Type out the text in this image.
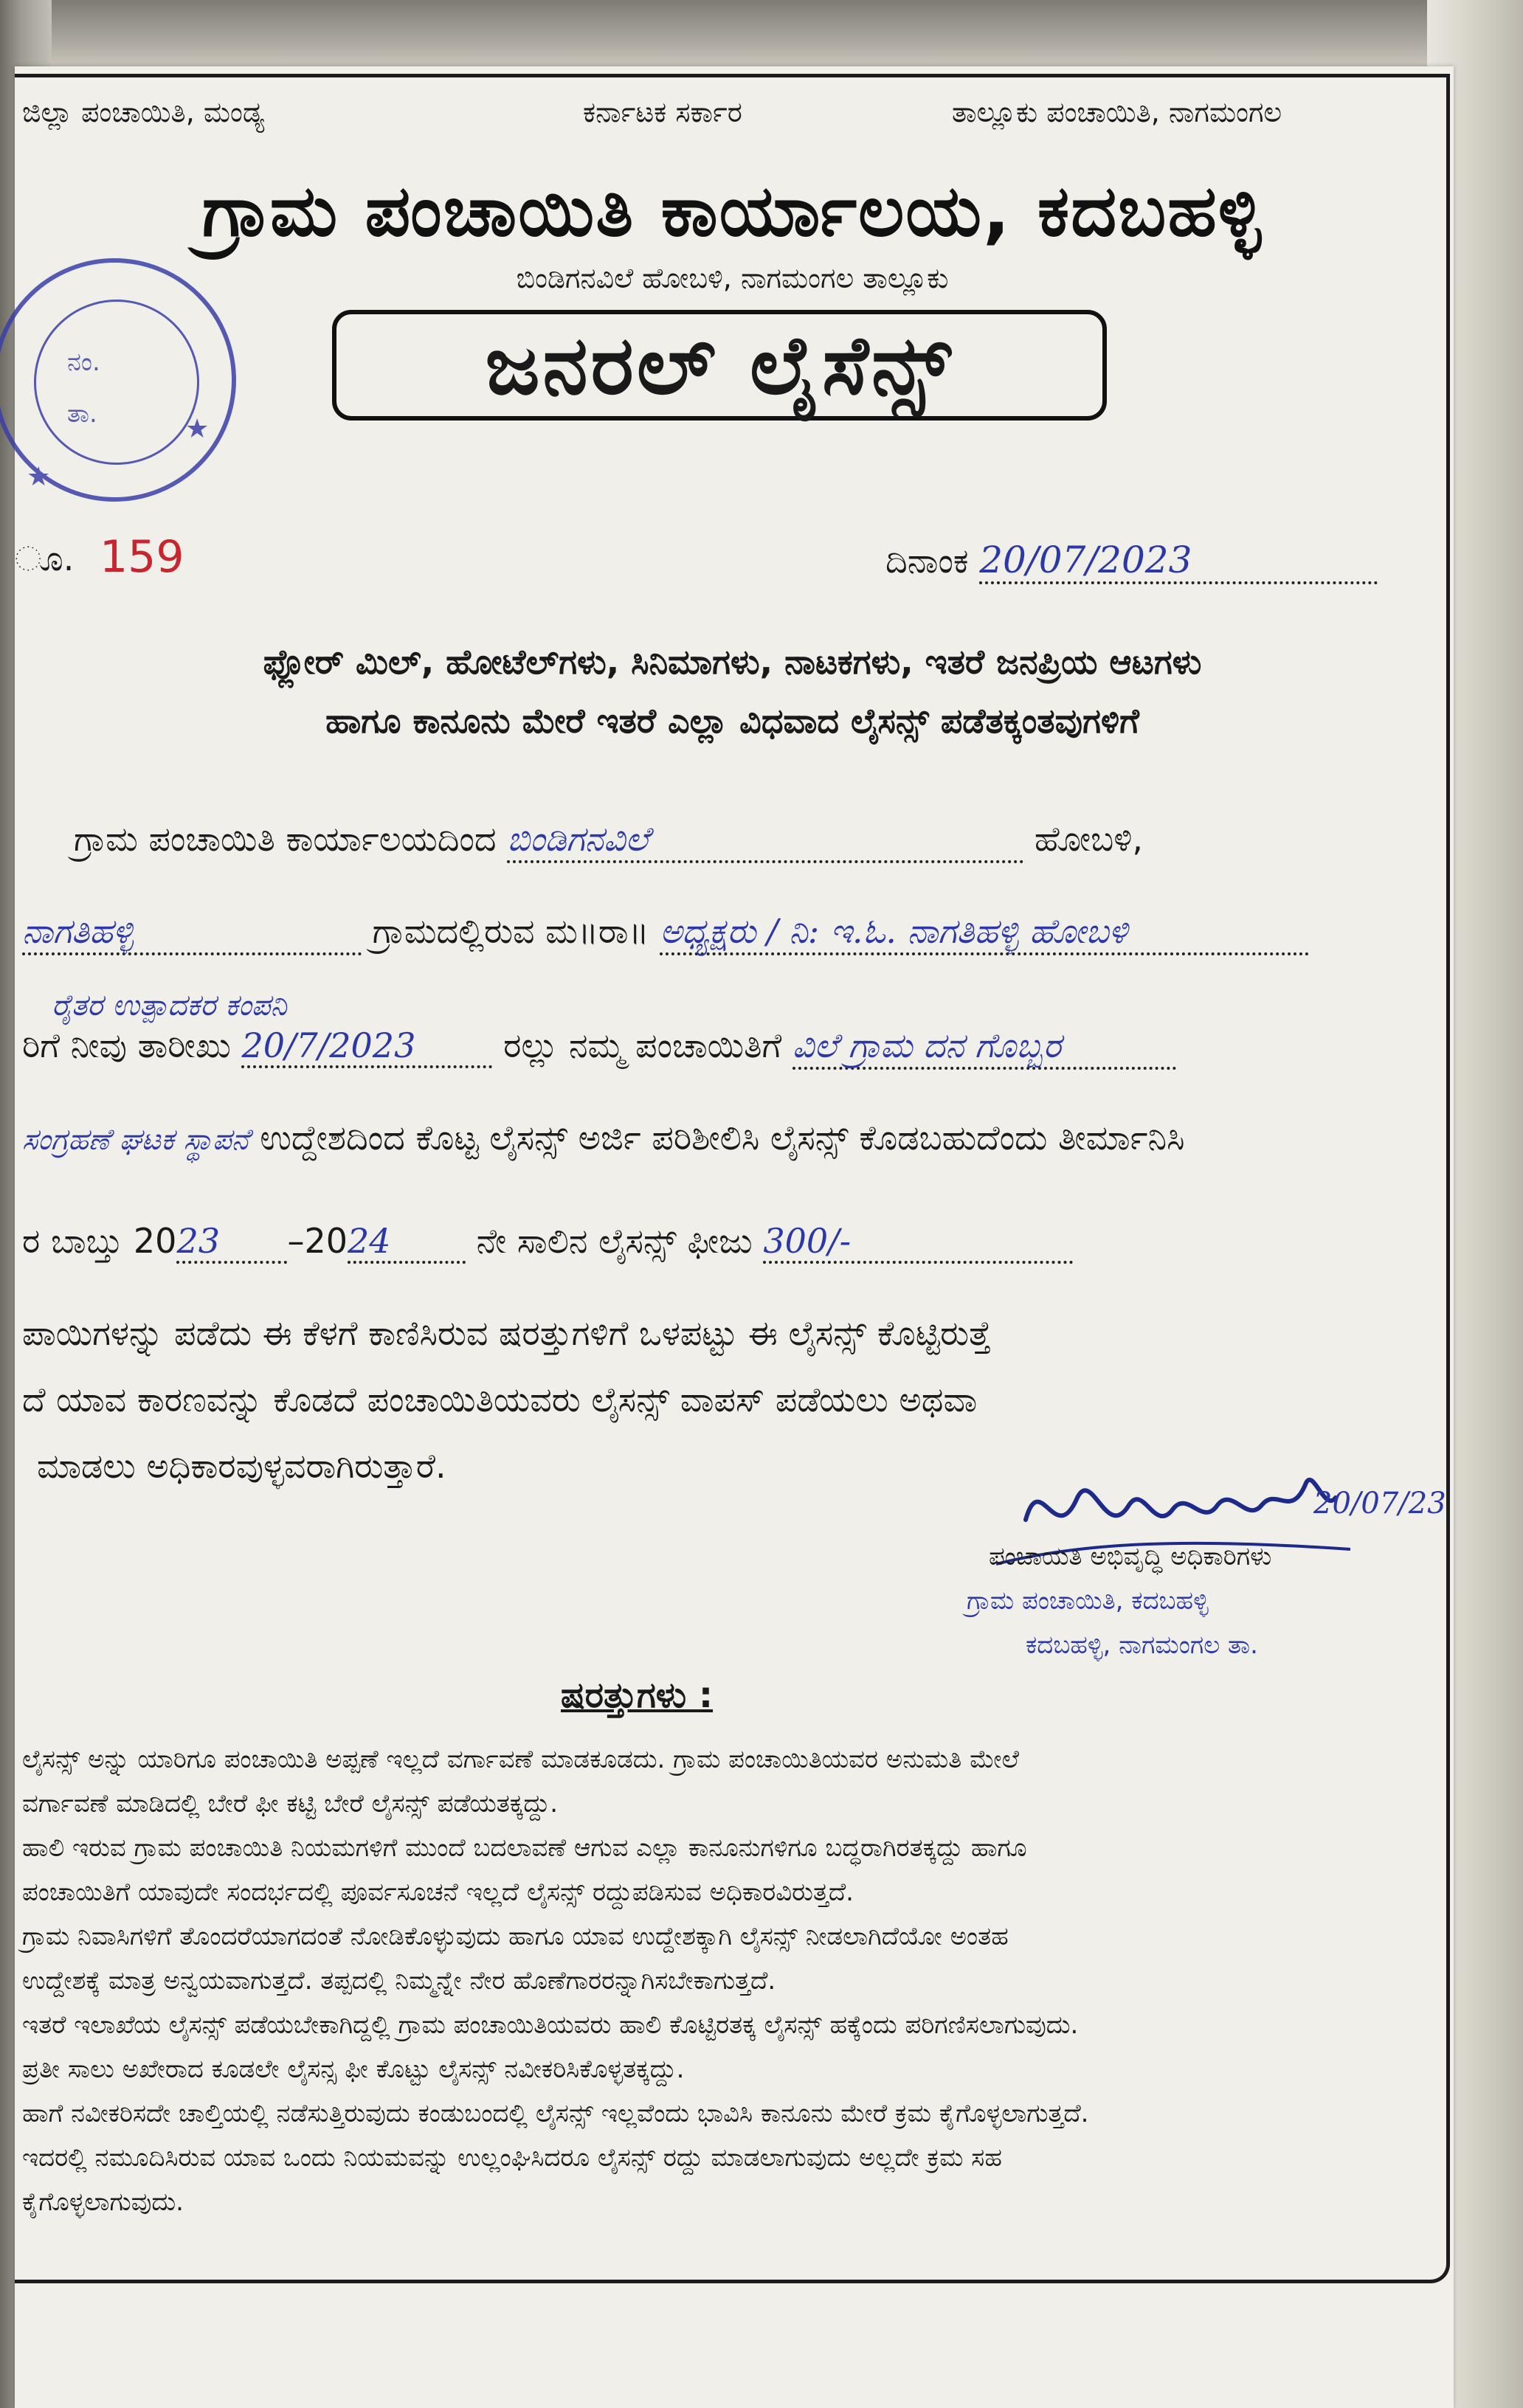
ಜಿಲ್ಲಾ ಪಂಚಾಯಿತಿ, ಮಂಡ್ಯ	ಕರ್ನಾಟಕ ಸರ್ಕಾರ	ತಾಲ್ಲೂಕು ಪಂಚಾಯಿತಿ, ನಾಗಮಂಗಲ
ಗ್ರಾಮ ಪಂಚಾಯಿತಿ ಕಾರ್ಯಾಲಯ, ಕದಬಹಳ್ಳಿ
ಬಿಂಡಿಗನವಿಲೆ ಹೋಬಳಿ, ನಾಗಮಂಗಲ ತಾಲ್ಲೂಕು
ಜನರಲ್ ಲೈಸೆನ್ಸ್
ನಂ.
ತಾ.	★
★
ೂ. 159	ದಿನಾಂಕ 20/07/2023
ಫ್ಲೋರ್ ಮಿಲ್, ಹೋಟೆಲ್‌ಗಳು, ಸಿನಿಮಾಗಳು, ನಾಟಕಗಳು, ಇತರೆ ಜನಪ್ರಿಯ ಆಟಗಳು
ಹಾಗೂ ಕಾನೂನು ಮೇರೆ ಇತರೆ ಎಲ್ಲಾ ವಿಧವಾದ ಲೈಸನ್ಸ್ ಪಡೆತಕ್ಕಂತವುಗಳಿಗೆ
ಗ್ರಾಮ ಪಂಚಾಯಿತಿ ಕಾರ್ಯಾಲಯದಿಂದ ಬಿಂಡಿಗನವಿಲೆ	ಹೋಬಳಿ,
ನಾಗತಿಹಳ್ಳಿ	ಗ್ರಾಮದಲ್ಲಿರುವ ಮ॥ರಾ॥ ಅಧ್ಯಕ್ಷರು / ನಿ: ಇ.ಓ. ನಾಗತಿಹಳ್ಳಿ ಹೋಬಳಿ
ರೈತರ ಉತ್ಪಾದಕರ ಕಂಪನಿ
ರಿಗೆ ನೀವು ತಾರೀಖು 20/7/2023	ರಲ್ಲು ನಮ್ಮ ಪಂಚಾಯಿತಿಗೆ ವಿಲೆ ಗ್ರಾಮ ದನ ಗೊಬ್ಬರ
ಸಂಗ್ರಹಣೆ ಘಟಕ ಸ್ಥಾಪನೆ ಉದ್ದೇಶದಿಂದ ಕೊಟ್ಟ ಲೈಸನ್ಸ್ ಅರ್ಜಿ ಪರಿಶೀಲಿಸಿ ಲೈಸನ್ಸ್ ಕೊಡಬಹುದೆಂದು ತೀರ್ಮಾನಿಸಿ
ರ ಬಾಬ್ತು 2023 –2024	ನೇ ಸಾಲಿನ ಲೈಸನ್ಸ್ ಫೀಜು 300/-
ಪಾಯಿಗಳನ್ನು ಪಡೆದು ಈ ಕೆಳಗೆ ಕಾಣಿಸಿರುವ ಷರತ್ತುಗಳಿಗೆ ಒಳಪಟ್ಟು ಈ ಲೈಸನ್ಸ್ ಕೊಟ್ಟಿರುತ್ತೆ
ದೆ ಯಾವ ಕಾರಣವನ್ನು ಕೊಡದೆ ಪಂಚಾಯಿತಿಯವರು ಲೈಸನ್ಸ್ ವಾಪಸ್ ಪಡೆಯಲು ಅಥವಾ
ಮಾಡಲು ಅಧಿಕಾರವುಳ್ಳವರಾಗಿರುತ್ತಾರೆ.
20/07/23
ಪಂಚಾಯತಿ ಅಭಿವೃದ್ಧಿ ಅಧಿಕಾರಿಗಳು
ಗ್ರಾಮ ಪಂಚಾಯಿತಿ, ಕದಬಹಳ್ಳಿ
ಕದಬಹಳ್ಳಿ, ನಾಗಮಂಗಲ ತಾ.
ಷರತ್ತುಗಳು :
ಲೈಸನ್ಸ್ ಅನ್ನು ಯಾರಿಗೂ ಪಂಚಾಯಿತಿ ಅಪ್ಪಣೆ ಇಲ್ಲದೆ ವರ್ಗಾವಣೆ ಮಾಡಕೂಡದು. ಗ್ರಾಮ ಪಂಚಾಯಿತಿಯವರ ಅನುಮತಿ ಮೇಲೆ
ವರ್ಗಾವಣೆ ಮಾಡಿದಲ್ಲಿ ಬೇರೆ ಫೀ ಕಟ್ಟಿ ಬೇರೆ ಲೈಸನ್ಸ್ ಪಡೆಯತಕ್ಕದ್ದು.
ಹಾಲಿ ಇರುವ ಗ್ರಾಮ ಪಂಚಾಯಿತಿ ನಿಯಮಗಳಿಗೆ ಮುಂದೆ ಬದಲಾವಣೆ ಆಗುವ ಎಲ್ಲಾ ಕಾನೂನುಗಳಿಗೂ ಬದ್ಧರಾಗಿರತಕ್ಕದ್ದು ಹಾಗೂ
ಪಂಚಾಯಿತಿಗೆ ಯಾವುದೇ ಸಂದರ್ಭದಲ್ಲಿ ಪೂರ್ವಸೂಚನೆ ಇಲ್ಲದೆ ಲೈಸನ್ಸ್ ರದ್ದುಪಡಿಸುವ ಅಧಿಕಾರವಿರುತ್ತದೆ.
ಗ್ರಾಮ ನಿವಾಸಿಗಳಿಗೆ ತೊಂದರೆಯಾಗದಂತೆ ನೋಡಿಕೊಳ್ಳುವುದು ಹಾಗೂ ಯಾವ ಉದ್ದೇಶಕ್ಕಾಗಿ ಲೈಸನ್ಸ್ ನೀಡಲಾಗಿದೆಯೋ ಅಂತಹ
ಉದ್ದೇಶಕ್ಕೆ ಮಾತ್ರ ಅನ್ವಯವಾಗುತ್ತದೆ. ತಪ್ಪದಲ್ಲಿ ನಿಮ್ಮನ್ನೇ ನೇರ ಹೊಣೆಗಾರರನ್ನಾಗಿಸಬೇಕಾಗುತ್ತದೆ.
ಇತರೆ ಇಲಾಖೆಯ ಲೈಸನ್ಸ್ ಪಡೆಯಬೇಕಾಗಿದ್ದಲ್ಲಿ ಗ್ರಾಮ ಪಂಚಾಯಿತಿಯವರು ಹಾಲಿ ಕೊಟ್ಟಿರತಕ್ಕ ಲೈಸನ್ಸ್ ಹಕ್ಕೆಂದು ಪರಿಗಣಿಸಲಾಗುವುದು.
ಪ್ರತೀ ಸಾಲು ಅಖೇರಾದ ಕೂಡಲೇ ಲೈಸನ್ಸ ಫೀ ಕೊಟ್ಟು ಲೈಸನ್ಸ್ ನವೀಕರಿಸಿಕೊಳ್ಳತಕ್ಕದ್ದು.
ಹಾಗೆ ನವೀಕರಿಸದೇ ಚಾಲ್ತಿಯಲ್ಲಿ ನಡೆಸುತ್ತಿರುವುದು ಕಂಡುಬಂದಲ್ಲಿ ಲೈಸನ್ಸ್ ಇಲ್ಲವೆಂದು ಭಾವಿಸಿ ಕಾನೂನು ಮೇರೆ ಕ್ರಮ ಕೈಗೊಳ್ಳಲಾಗುತ್ತದೆ.
ಇದರಲ್ಲಿ ನಮೂದಿಸಿರುವ ಯಾವ ಒಂದು ನಿಯಮವನ್ನು ಉಲ್ಲಂಘಿಸಿದರೂ ಲೈಸನ್ಸ್ ರದ್ದು ಮಾಡಲಾಗುವುದು ಅಲ್ಲದೇ ಕ್ರಮ ಸಹ
ಕೈಗೊಳ್ಳಲಾಗುವುದು.
